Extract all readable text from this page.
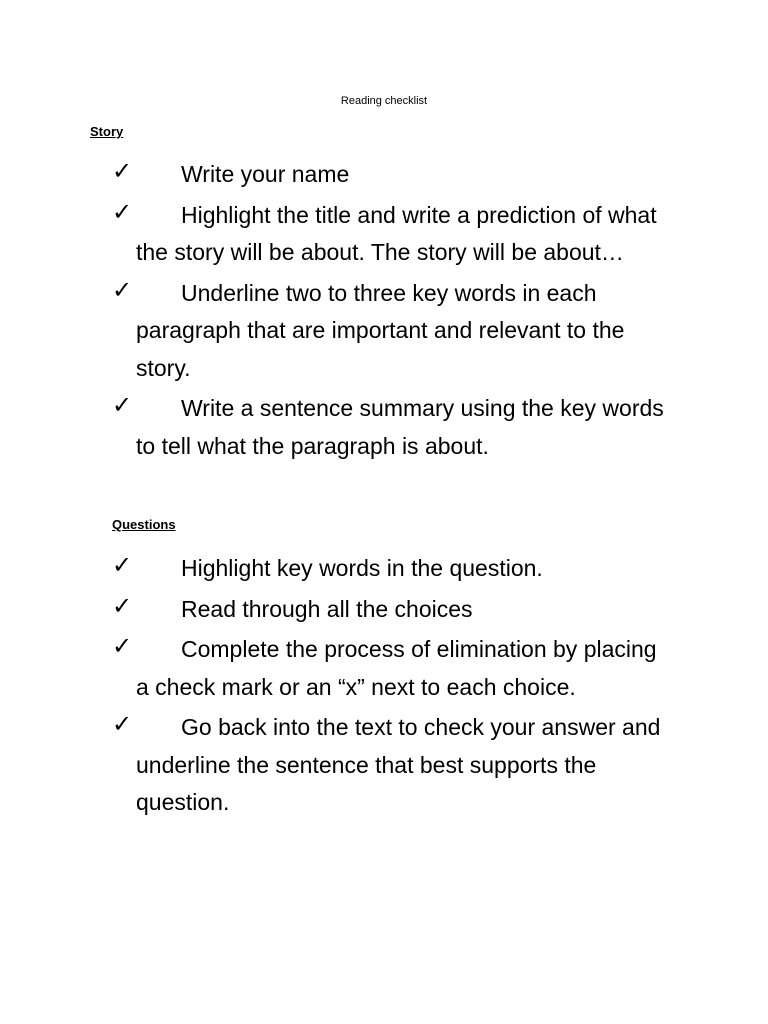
Reading checklist
Story
✓	Write your name
✓	Highlight the title and write a prediction of what the story will be about. The story will be about…
✓	Underline two to three key words in each paragraph that are important and relevant to the story.
✓	Write a sentence summary using the key words to tell what the paragraph is about.
Questions
✓	Highlight key words in the question.
✓	Read through all the choices
✓	Complete the process of elimination by placing a check mark or an “x” next to each choice.
✓	Go back into the text to check your answer and underline the sentence that best supports the question.
